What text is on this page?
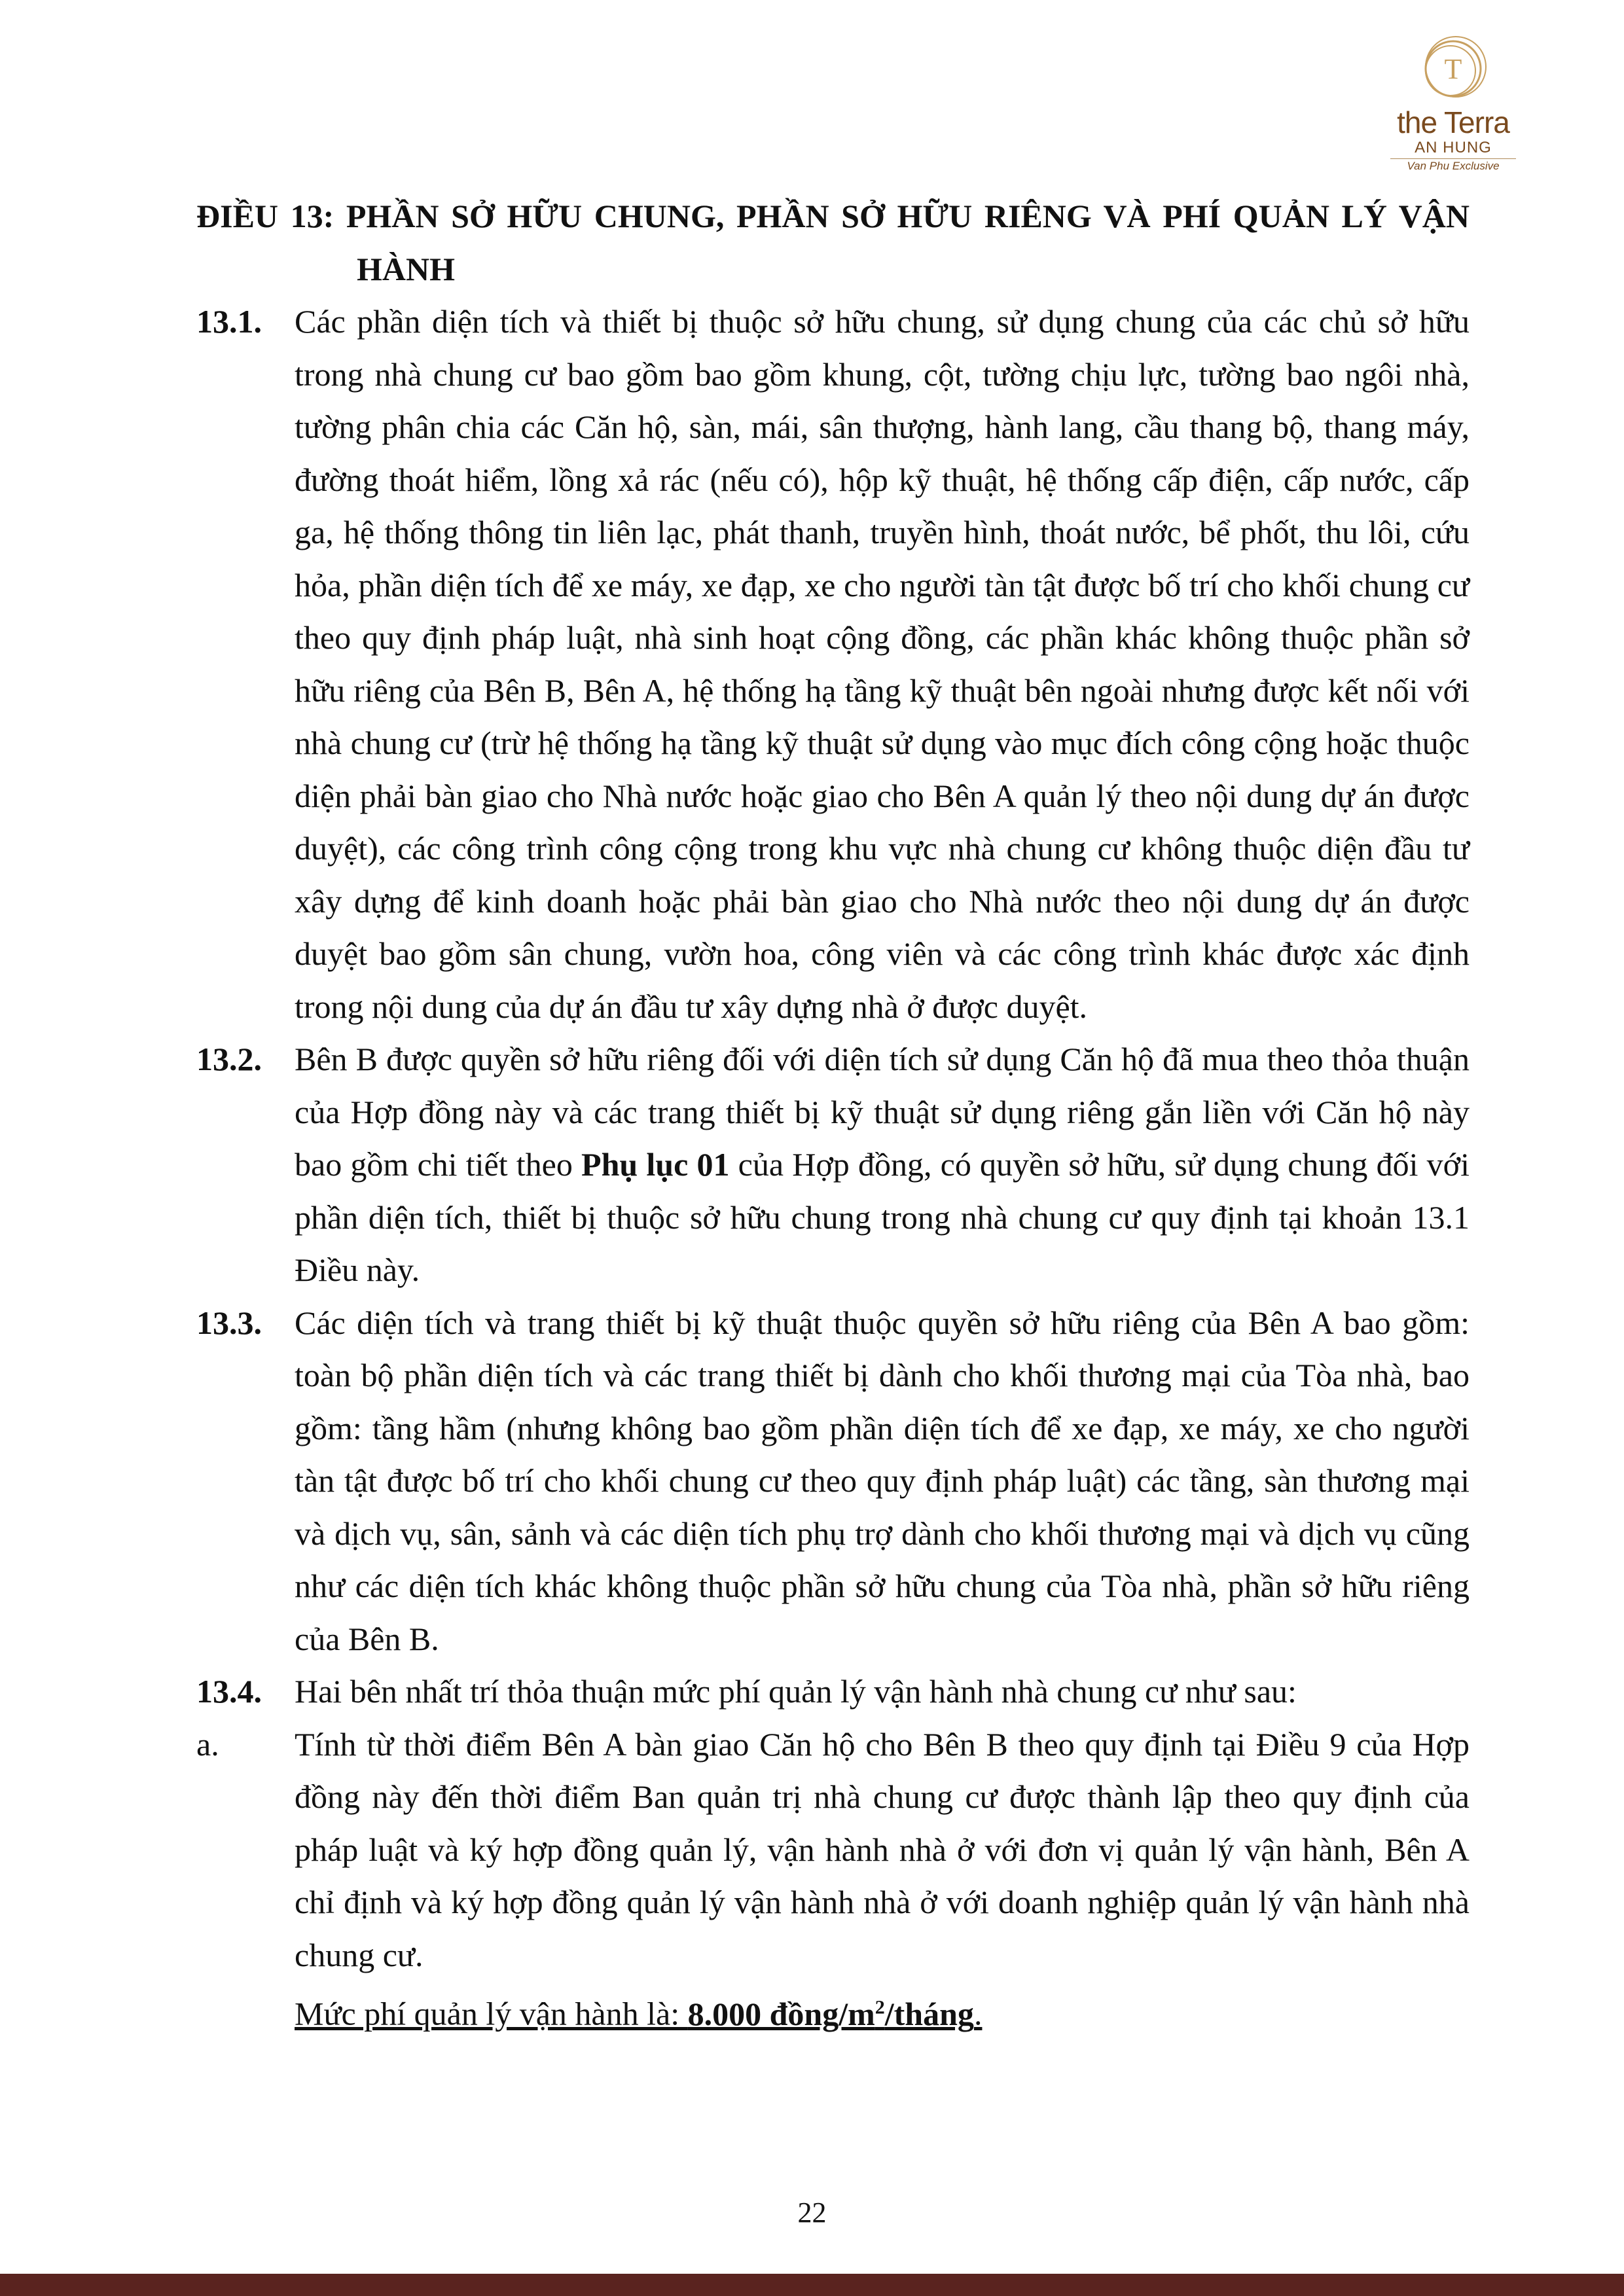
T
the Terra
AN HUNG
Van Phu Exclusive

ĐIỀU 13: PHẦN SỞ HỮU CHUNG, PHẦN SỞ HỮU RIÊNG VÀ PHÍ QUẢN LÝ VẬN HÀNH

13.1.	Các phần diện tích và thiết bị thuộc sở hữu chung, sử dụng chung của các chủ sở hữu trong nhà chung cư bao gồm bao gồm khung, cột, tường chịu lực, tường bao ngôi nhà, tường phân chia các Căn hộ, sàn, mái, sân thượng, hành lang, cầu thang bộ, thang máy, đường thoát hiểm, lồng xả rác (nếu có), hộp kỹ thuật, hệ thống cấp điện, cấp nước, cấp ga, hệ thống thông tin liên lạc, phát thanh, truyền hình, thoát nước, bể phốt, thu lôi, cứu hỏa, phần diện tích để xe máy, xe đạp, xe cho người tàn tật được bố trí cho khối chung cư theo quy định pháp luật, nhà sinh hoạt cộng đồng, các phần khác không thuộc phần sở hữu riêng của Bên B, Bên A, hệ thống hạ tầng kỹ thuật bên ngoài nhưng được kết nối với nhà chung cư (trừ hệ thống hạ tầng kỹ thuật sử dụng vào mục đích công cộng hoặc thuộc diện phải bàn giao cho Nhà nước hoặc giao cho Bên A quản lý theo nội dung dự án được duyệt), các công trình công cộng trong khu vực nhà chung cư không thuộc diện đầu tư xây dựng để kinh doanh hoặc phải bàn giao cho Nhà nước theo nội dung dự án được duyệt bao gồm sân chung, vườn hoa, công viên và các công trình khác được xác định trong nội dung của dự án đầu tư xây dựng nhà ở được duyệt.

13.2.	Bên B được quyền sở hữu riêng đối với diện tích sử dụng Căn hộ đã mua theo thỏa thuận của Hợp đồng này và các trang thiết bị kỹ thuật sử dụng riêng gắn liền với Căn hộ này bao gồm chi tiết theo Phụ lục 01 của Hợp đồng, có quyền sở hữu, sử dụng chung đối với phần diện tích, thiết bị thuộc sở hữu chung trong nhà chung cư quy định tại khoản 13.1 Điều này.

13.3.	Các diện tích và trang thiết bị kỹ thuật thuộc quyền sở hữu riêng của Bên A bao gồm: toàn bộ phần diện tích và các trang thiết bị dành cho khối thương mại của Tòa nhà, bao gồm: tầng hầm (nhưng không bao gồm phần diện tích để xe đạp, xe máy, xe cho người tàn tật được bố trí cho khối chung cư theo quy định pháp luật) các tầng, sàn thương mại và dịch vụ, sân, sảnh và các diện tích phụ trợ dành cho khối thương mại và dịch vụ cũng như các diện tích khác không thuộc phần sở hữu chung của Tòa nhà, phần sở hữu riêng của Bên B.

13.4.	Hai bên nhất trí thỏa thuận mức phí quản lý vận hành nhà chung cư như sau:

a.	Tính từ thời điểm Bên A bàn giao Căn hộ cho Bên B theo quy định tại Điều 9 của Hợp đồng này đến thời điểm Ban quản trị nhà chung cư được thành lập theo quy định của pháp luật và ký hợp đồng quản lý, vận hành nhà ở với đơn vị quản lý vận hành, Bên A chỉ định và ký hợp đồng quản lý vận hành nhà ở với doanh nghiệp quản lý vận hành nhà chung cư.

Mức phí quản lý vận hành là: 8.000 đồng/$m^2$/tháng.
22
